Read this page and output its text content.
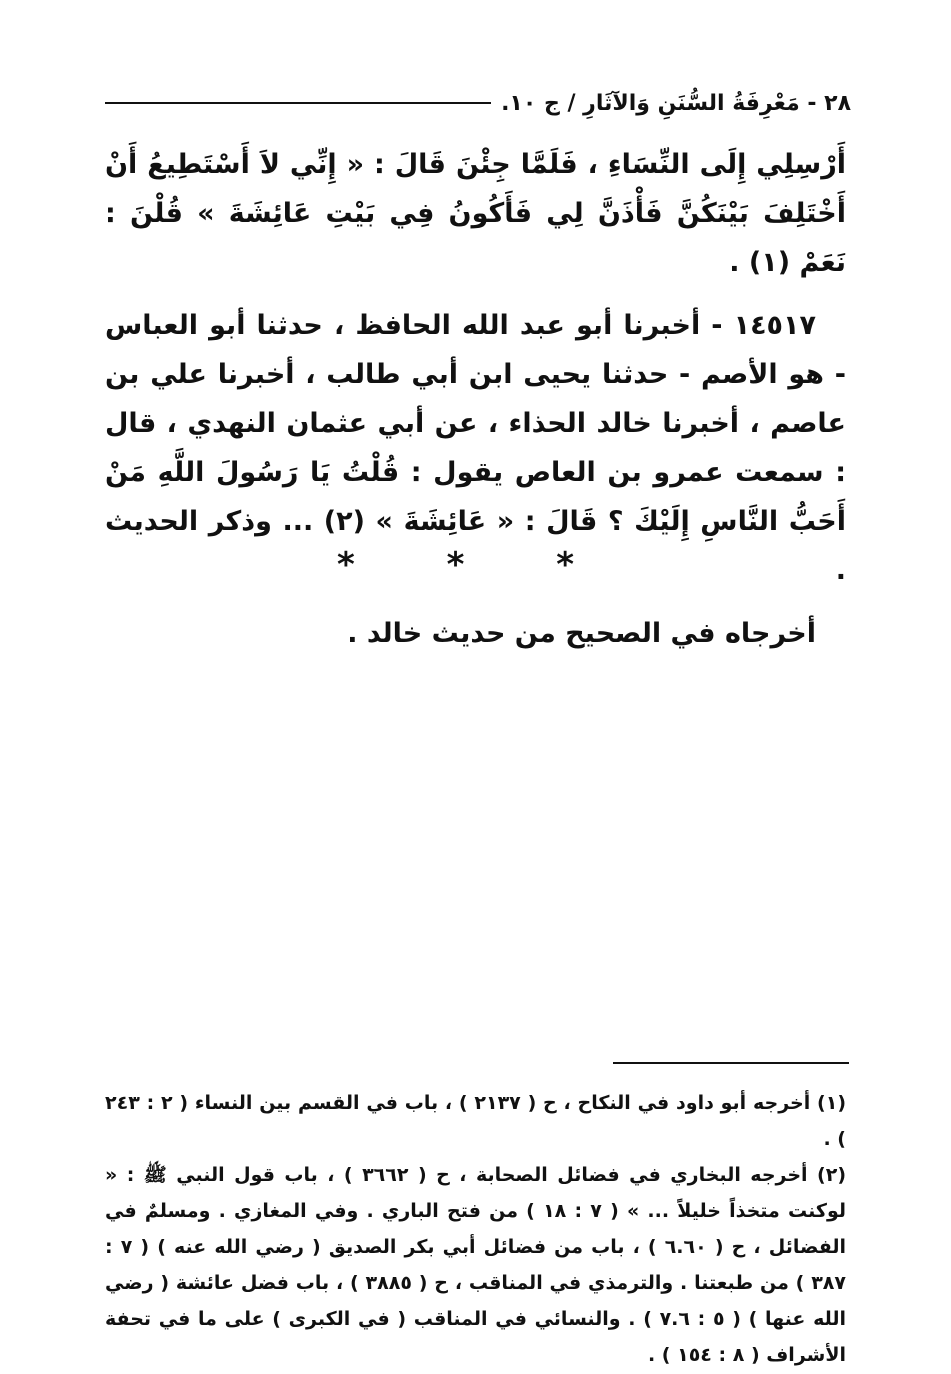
٢٨ - مَعْرِفَةُ السُّنَنِ وَالآثَارِ / ج ١٠.

أَرْسِلِي إِلَى النِّسَاءِ ، فَلَمَّا جِئْنَ قَالَ : « إِنِّي لاَ أَسْتَطِيعُ أَنْ أَخْتَلِفَ بَيْنَكُنَّ فَأْذَنَّ لِي فَأَكُونُ فِي بَيْتِ عَائِشَةَ » قُلْنَ : نَعَمْ (١) .

١٤٥١٧ - أخبرنا أبو عبد الله الحافظ ، حدثنا أبو العباس - هو الأصم - حدثنا يحيى ابن أبي طالب ، أخبرنا علي بن عاصم ، أخبرنا خالد الحذاء ، عن أبي عثمان النهدي ، قال : سمعت عمرو بن العاص يقول : قُلْتُ يَا رَسُولَ اللَّهِ مَنْ أَحَبُّ النَّاسِ إِلَيْكَ ؟ قَالَ : « عَائِشَةَ » (٢) ... وذكر الحديث .

أخرجاه في الصحيح من حديث خالد .

* * *

(١) أخرجه أبو داود في النكاح ، ح ( ٢١٣٧ ) ، باب في القسم بين النساء ( ٢ : ٢٤٣ ) .

(٢) أخرجه البخاري في فضائل الصحابة ، ح ( ٣٦٦٢ ) ، باب قول النبي ﷺ : « لوكنت متخذاً خليلاً ... » ( ٧ : ١٨ ) من فتح الباري . وفي المغازي . ومسلمٌ في الفضائل ، ح ( ٦.٦٠ ) ، باب من فضائل أبي بكر الصديق ( رضي الله عنه ) ( ٧ : ٣٨٧ ) من طبعتنا . والترمذي في المناقب ، ح ( ٣٨٨٥ ) ، باب فضل عائشة ( رضي الله عنها ) ( ٥ : ٧.٦ ) . والنسائي في المناقب ( في الكبرى ) على ما في تحفة الأشراف ( ٨ : ١٥٤ ) .
